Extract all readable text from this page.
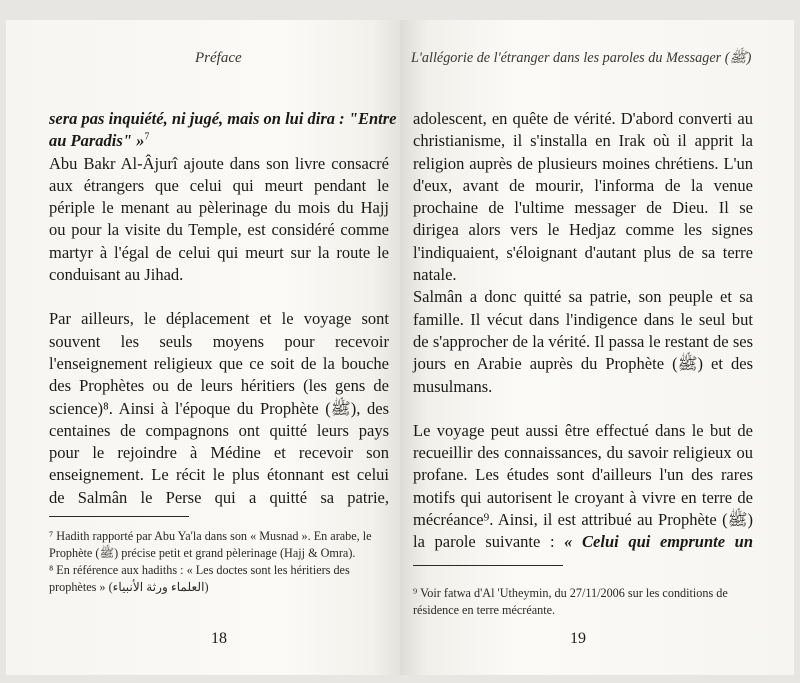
Préface
sera pas inquiété, ni jugé, mais on lui dira : "Entre
au Paradis" »$^7$
Abu Bakr Al-Âjurî ajoute dans son livre consacré
aux étrangers que celui qui meurt pendant le
périple le menant au pèlerinage du mois du Hajj
ou pour la visite du Temple, est considéré comme
martyr à l'égal de celui qui meurt sur la route le
conduisant au Jihad.
Par ailleurs, le déplacement et le voyage sont
souvent les seuls moyens pour recevoir
l'enseignement religieux que ce soit de la bouche
des Prophètes ou de leurs héritiers (les gens de
science)⁸. Ainsi à l'époque du Prophète (ﷺ), des
centaines de compagnons ont quitté leurs pays
pour le rejoindre à Médine et recevoir son
enseignement. Le récit le plus étonnant est celui
de Salmân le Perse qui a quitté sa patrie,
⁷ Hadith rapporté par Abu Ya'la dans son « Musnad ». En arabe, le Prophète (ﷺ) précise petit et grand pèlerinage (Hajj & Omra).
⁸ En référence aux hadiths : « Les doctes sont les héritiers des prophètes » (العلماء ورثة الأنبياء)
18
L'allégorie de l'étranger dans les paroles du Messager (ﷺ)
adolescent, en quête de vérité. D'abord converti au
christianisme, il s'installa en Irak où il apprit la
religion auprès de plusieurs moines chrétiens. L'un
d'eux, avant de mourir, l'informa de la venue
prochaine de l'ultime messager de Dieu. Il se
dirigea alors vers le Hedjaz comme les signes
l'indiquaient, s'éloignant d'autant plus de sa terre
natale.
Salmân a donc quitté sa patrie, son peuple et sa
famille. Il vécut dans l'indigence dans le seul but
de s'approcher de la vérité. Il passa le restant de ses
jours en Arabie auprès du Prophète (ﷺ) et des
musulmans.
Le voyage peut aussi être effectué dans le but de
recueillir des connaissances, du savoir religieux ou
profane. Les études sont d'ailleurs l'un des rares
motifs qui autorisent le croyant à vivre en terre de
mécréance⁹. Ainsi, il est attribué au Prophète (ﷺ)
la parole suivante : « Celui qui emprunte un
⁹ Voir fatwa d'Al 'Utheymin, du 27/11/2006 sur les conditions de résidence en terre mécréante.
19
